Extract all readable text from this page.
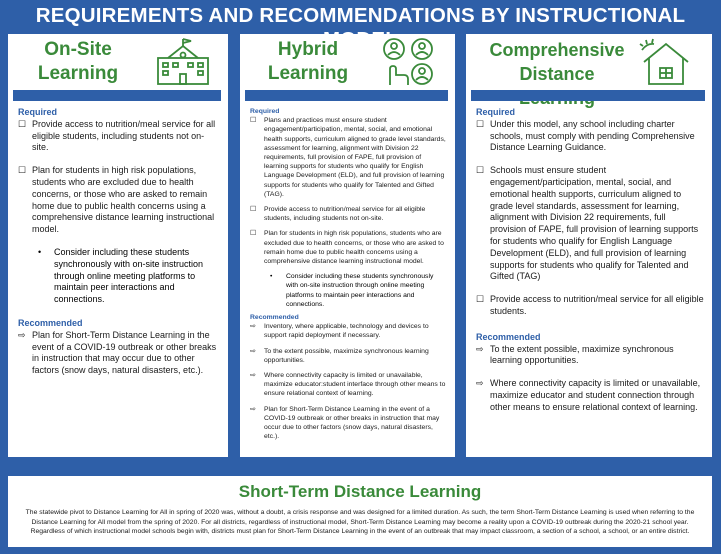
REQUIREMENTS AND RECOMMENDATIONS BY INSTRUCTIONAL
On-Site Learning
Required
☐ Provide access to nutrition/meal service for all eligible students, including students not on-site.
☐ Plan for students in high risk populations, students who are excluded due to health concerns, or those who are asked to remain home due to public health concerns using a comprehensive distance learning instructional model.
• Consider including these students synchronously with on-site instruction through online meeting platforms to maintain peer interactions and connections.
Recommended
⇨ Plan for Short-Term Distance Learning in the event of a COVID-19 outbreak or other breaks in instruction that may occur due to other factors (snow days, natural disasters, etc.).
Hybrid Learning
Required
☐ Plans and practices must ensure student engagement/participation, mental, social, and emotional health supports, curriculum aligned to grade level standards, assessment for learning, alignment with Division 22 requirements, full provision of FAPE, full provision of learning supports for students who qualify for English Language Development (ELD), and full provision of learning supports for students who qualify for Talented and Gifted (TAG).
☐ Provide access to nutrition/meal service for all eligible students, including students not on-site.
☐ Plan for students in high risk populations, students who are excluded due to health concerns, or those who are asked to remain home due to public health concerns using a comprehensive distance learning instructional model.
• Consider including these students synchronously with on-site instruction through online meeting platforms to maintain peer interactions and connections.
Recommended
⇨ Inventory, where applicable, technology and devices to support rapid deployment if necessary.
⇨ To the extent possible, maximize synchronous learning opportunities.
⇨ Where connectivity capacity is limited or unavailable, maximize educator:student interface through other means to ensure relational context of learning.
⇨ Plan for Short-Term Distance Learning in the event of a COVID-19 outbreak or other breaks in instruction that may occur due to other factors (snow days, natural disasters, etc.).
Comprehensive Distance
Required
☐ Under this model, any school including charter schools, must comply with pending Comprehensive Distance Learning Guidance.
☐ Schools must ensure student engagement/participation, mental, social, and emotional health supports, curriculum aligned to grade level standards, assessment for learning, alignment with Division 22 requirements, full provision of FAPE, full provision of learning supports for students who qualify for English Language Development (ELD), and full provision of learning supports for students who qualify for Talented and Gifted (TAG)
☐ Provide access to nutrition/meal service for all eligible students.
Recommended
⇨ To the extent possible, maximize synchronous learning opportunities.
⇨ Where connectivity capacity is limited or unavailable, maximize educator and student connection through other means to ensure relational context of learning.
Short-Term Distance Learning
The statewide pivot to Distance Learning for All in spring of 2020 was, without a doubt, a crisis response and was designed for a limited duration. As such, the term Short-Term Distance Learning is used when referring to the Distance Learning for All model from the spring of 2020. For all districts, regardless of instructional model, Short-Term Distance Learning may become a reality upon a COVID-19 outbreak during the 2020-21 school year. Regardless of which instructional model schools begin with, districts must plan for Short-Term Distance Learning in the event of an outbreak that may impact classroom, a section of a school, a school, or an entire district.
